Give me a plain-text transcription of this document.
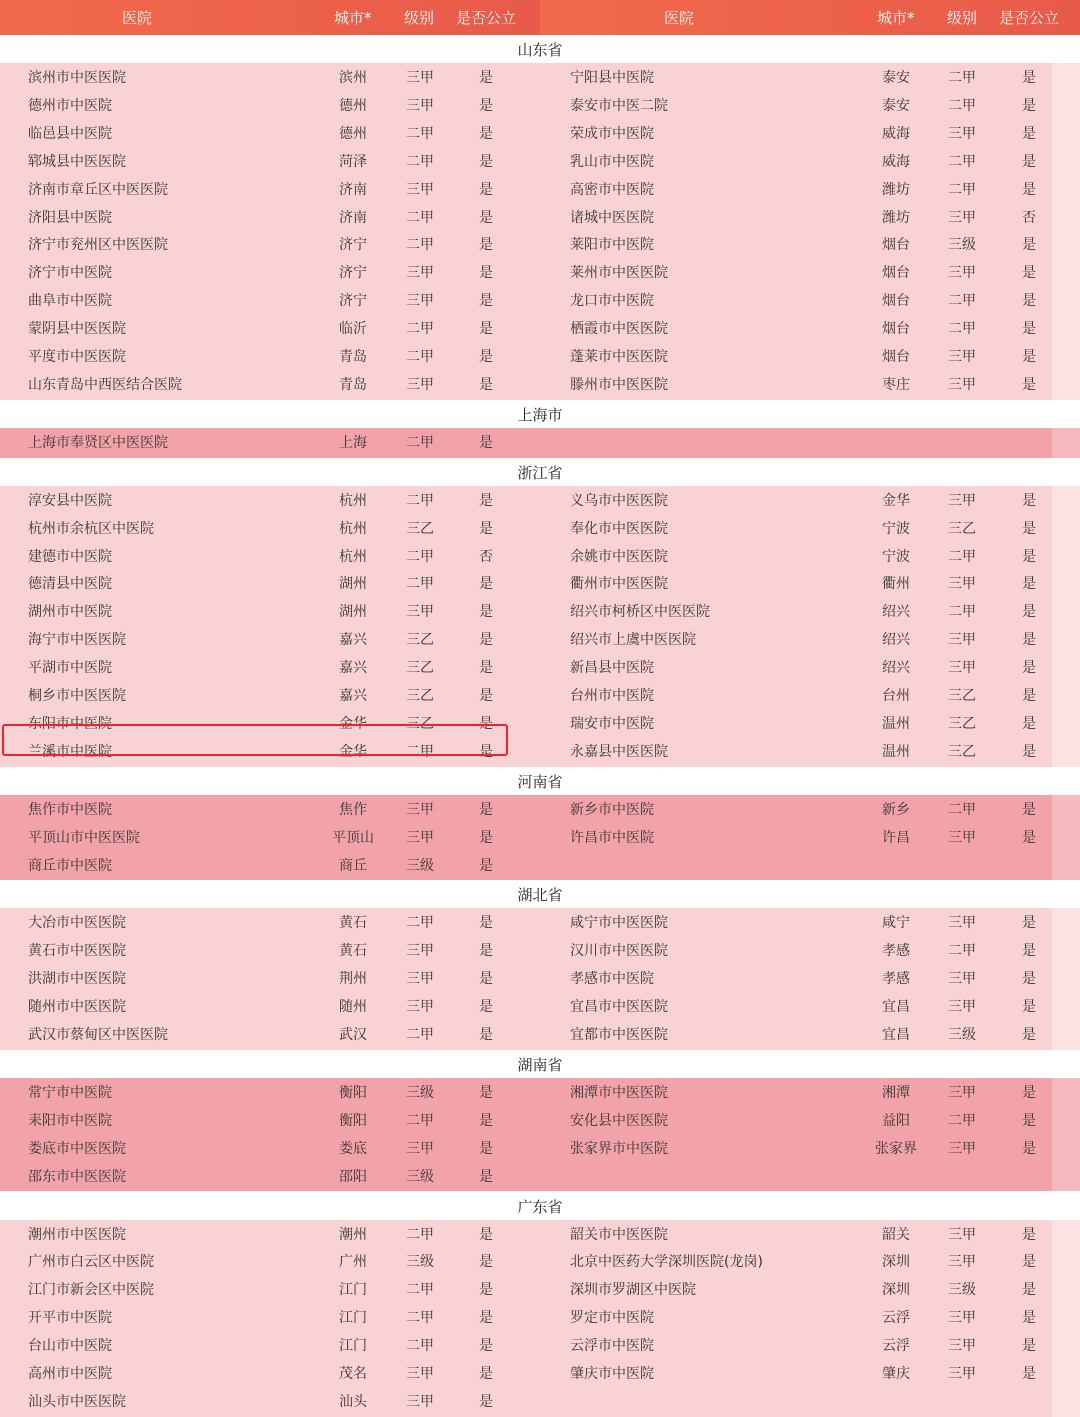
医院	城市* 级别 是否公立	医院	城市* 级别 是否公立
山东省
滨州市中医医院	滨州	三甲	是	宁阳县中医院	泰安	二甲	是
德州市中医院	德州	三甲	是	泰安市中医二院	泰安	二甲	是
临邑县中医院	德州	二甲	是	荣成市中医院	威海	三甲	是
郓城县中医医院	菏泽	二甲	是	乳山市中医院	威海	二甲	是
济南市章丘区中医医院	济南	三甲	是	高密市中医院	潍坊	二甲	是
济阳县中医院	济南	二甲	是	诸城中医医院	潍坊	三甲	否
济宁市兖州区中医医院	济宁	二甲	是	莱阳市中医院	烟台	三级	是
济宁市中医院	济宁	三甲	是	莱州市中医医院	烟台	三甲	是
曲阜市中医院	济宁	三甲	是	龙口市中医院	烟台	二甲	是
蒙阴县中医医院	临沂	二甲	是	栖霞市中医医院	烟台	二甲	是
平度市中医医院	青岛	二甲	是	蓬莱市中医医院	烟台	三甲	是
山东青岛中西医结合医院	青岛	三甲	是	滕州市中医医院	枣庄	三甲	是
上海市
上海市奉贤区中医医院	上海	二甲	是
浙江省
淳安县中医院	杭州	二甲	是	义乌市中医医院	金华	三甲	是
杭州市余杭区中医院	杭州	三乙	是	奉化市中医医院	宁波	三乙	是
建德市中医院	杭州	二甲	否	余姚市中医医院	宁波	二甲	是
德清县中医院	湖州	二甲	是	衢州市中医医院	衢州	三甲	是
湖州市中医院	湖州	三甲	是	绍兴市柯桥区中医医院	绍兴	二甲	是
海宁市中医医院	嘉兴	三乙	是	绍兴市上虞中医医院	绍兴	三甲	是
平湖市中医院	嘉兴	三乙	是	新昌县中医院	绍兴	三甲	是
桐乡市中医医院	嘉兴	三乙	是	台州市中医院	台州	三乙	是
东阳市中医院	金华	三乙	是	瑞安市中医院	温州	三乙	是
兰溪市中医院	金华	二甲	是	永嘉县中医医院	温州	三乙	是
河南省
焦作市中医院	焦作	三甲	是	新乡市中医院	新乡	二甲	是
平顶山市中医医院	平顶山	三甲	是	许昌市中医院	许昌	三甲	是
商丘市中医院	商丘	三级	是
湖北省
大冶市中医医院	黄石	二甲	是	咸宁市中医医院	咸宁	三甲	是
黄石市中医医院	黄石	三甲	是	汉川市中医医院	孝感	二甲	是
洪湖市中医医院	荆州	三甲	是	孝感市中医院	孝感	三甲	是
随州市中医医院	随州	三甲	是	宜昌市中医医院	宜昌	三甲	是
武汉市蔡甸区中医医院	武汉	二甲	是	宜都市中医医院	宜昌	三级	是
湖南省
常宁市中医院	衡阳	三级	是	湘潭市中医医院	湘潭	三甲	是
耒阳市中医院	衡阳	二甲	是	安化县中医医院	益阳	二甲	是
娄底市中医医院	娄底	三甲	是	张家界市中医院	张家界	三甲	是
邵东市中医医院	邵阳	三级	是
广东省
潮州市中医医院	潮州	二甲	是	韶关市中医医院	韶关	三甲	是
广州市白云区中医院	广州	三级	是	北京中医药大学深圳医院(龙岗)	深圳	三甲	是
江门市新会区中医院	江门	二甲	是	深圳市罗湖区中医院	深圳	三级	是
开平市中医院	江门	二甲	是	罗定市中医院	云浮	三甲	是
台山市中医院	江门	二甲	是	云浮市中医院	云浮	三甲	是
高州市中医院	茂名	三甲	是	肇庆市中医院	肇庆	三甲	是
汕头市中医医院	汕头	三甲	是
